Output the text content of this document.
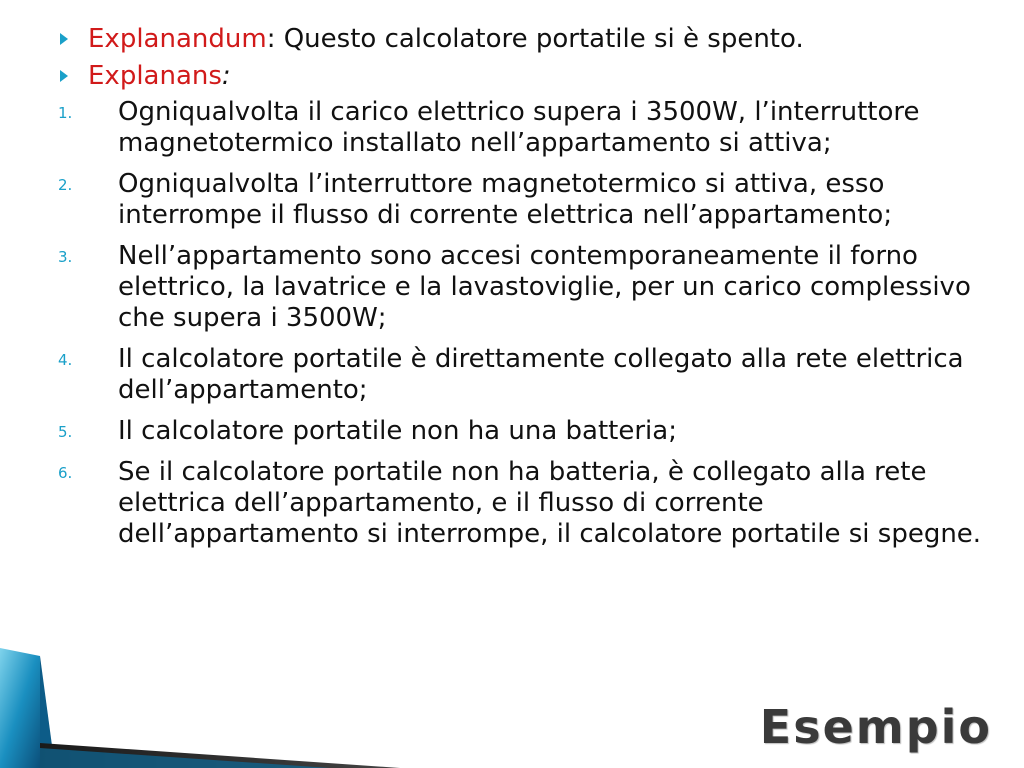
Explanandum: Questo calcolatore portatile si è spento.
Explanans:
1. Ogniqualvolta il carico elettrico supera i 3500W, l’interruttore magnetotermico installato nell’appartamento si attiva;
2. Ogniqualvolta l’interruttore magnetotermico si attiva, esso interrompe il flusso di corrente elettrica nell’appartamento;
3. Nell’appartamento sono accesi contemporaneamente il forno elettrico, la lavatrice e la lavastoviglie, per un carico complessivo che supera i 3500W;
4. Il calcolatore portatile è direttamente collegato alla rete elettrica dell’appartamento;
5. Il calcolatore portatile non ha una batteria;
6. Se il calcolatore portatile non ha batteria, è collegato alla rete elettrica dell’appartamento, e il flusso di corrente dell’appartamento si interrompe, il calcolatore portatile si spegne.
Esempio
